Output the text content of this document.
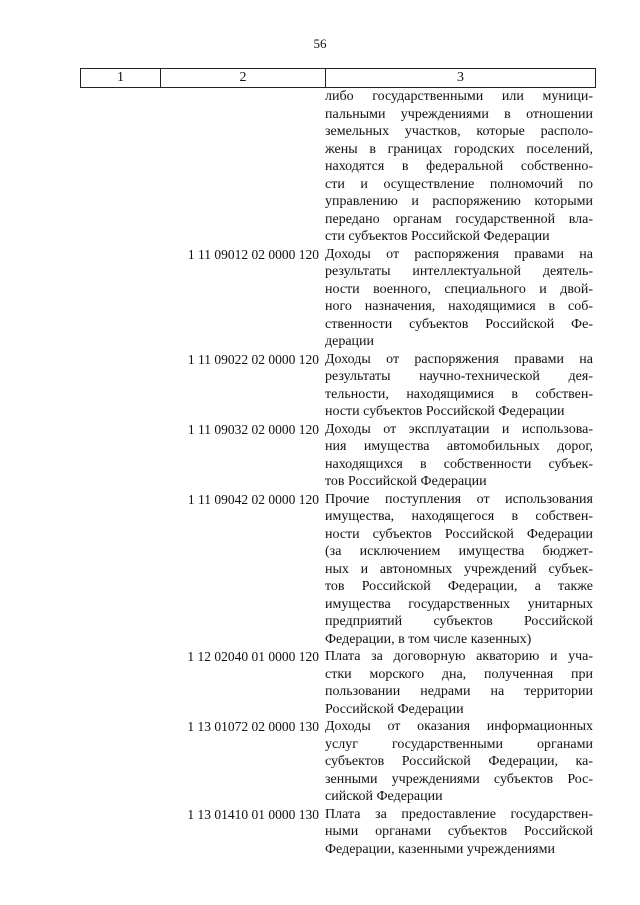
56
1	2	3
либо государственными или муници-
пальными учреждениями в отношении
земельных участков, которые располо-
жены в границах городских поселений,
находятся в федеральной собственно-
сти и осуществление полномочий по
управлению и распоряжению которыми
передано органам государственной вла-
сти субъектов Российской Федерации
1 11 09012 02 0000 120 Доходы от распоряжения правами на
результаты интеллектуальной деятель-
ности военного, специального и двой-
ного назначения, находящимися в соб-
ственности субъектов Российской Фе-
дерации
1 11 09022 02 0000 120 Доходы от распоряжения правами на
результаты научно-технической дея-
тельности, находящимися в собствен-
ности субъектов Российской Федерации
1 11 09032 02 0000 120 Доходы от эксплуатации и использова-
ния имущества автомобильных дорог,
находящихся в собственности субъек-
тов Российской Федерации
1 11 09042 02 0000 120 Прочие поступления от использования
имущества, находящегося в собствен-
ности субъектов Российской Федерации
(за исключением имущества бюджет-
ных и автономных учреждений субъек-
тов Российской Федерации, а также
имущества государственных унитарных
предприятий субъектов Российской
Федерации, в том числе казенных)
1 12 02040 01 0000 120 Плата за договорную акваторию и уча-
стки морского дна, полученная при
пользовании недрами на территории
Российской Федерации
1 13 01072 02 0000 130 Доходы от оказания информационных
услуг государственными органами
субъектов Российской Федерации, ка-
зенными учреждениями субъектов Рос-
сийской Федерации
1 13 01410 01 0000 130 Плата за предоставление государствен-
ными органами субъектов Российской
Федерации, казенными учреждениями
